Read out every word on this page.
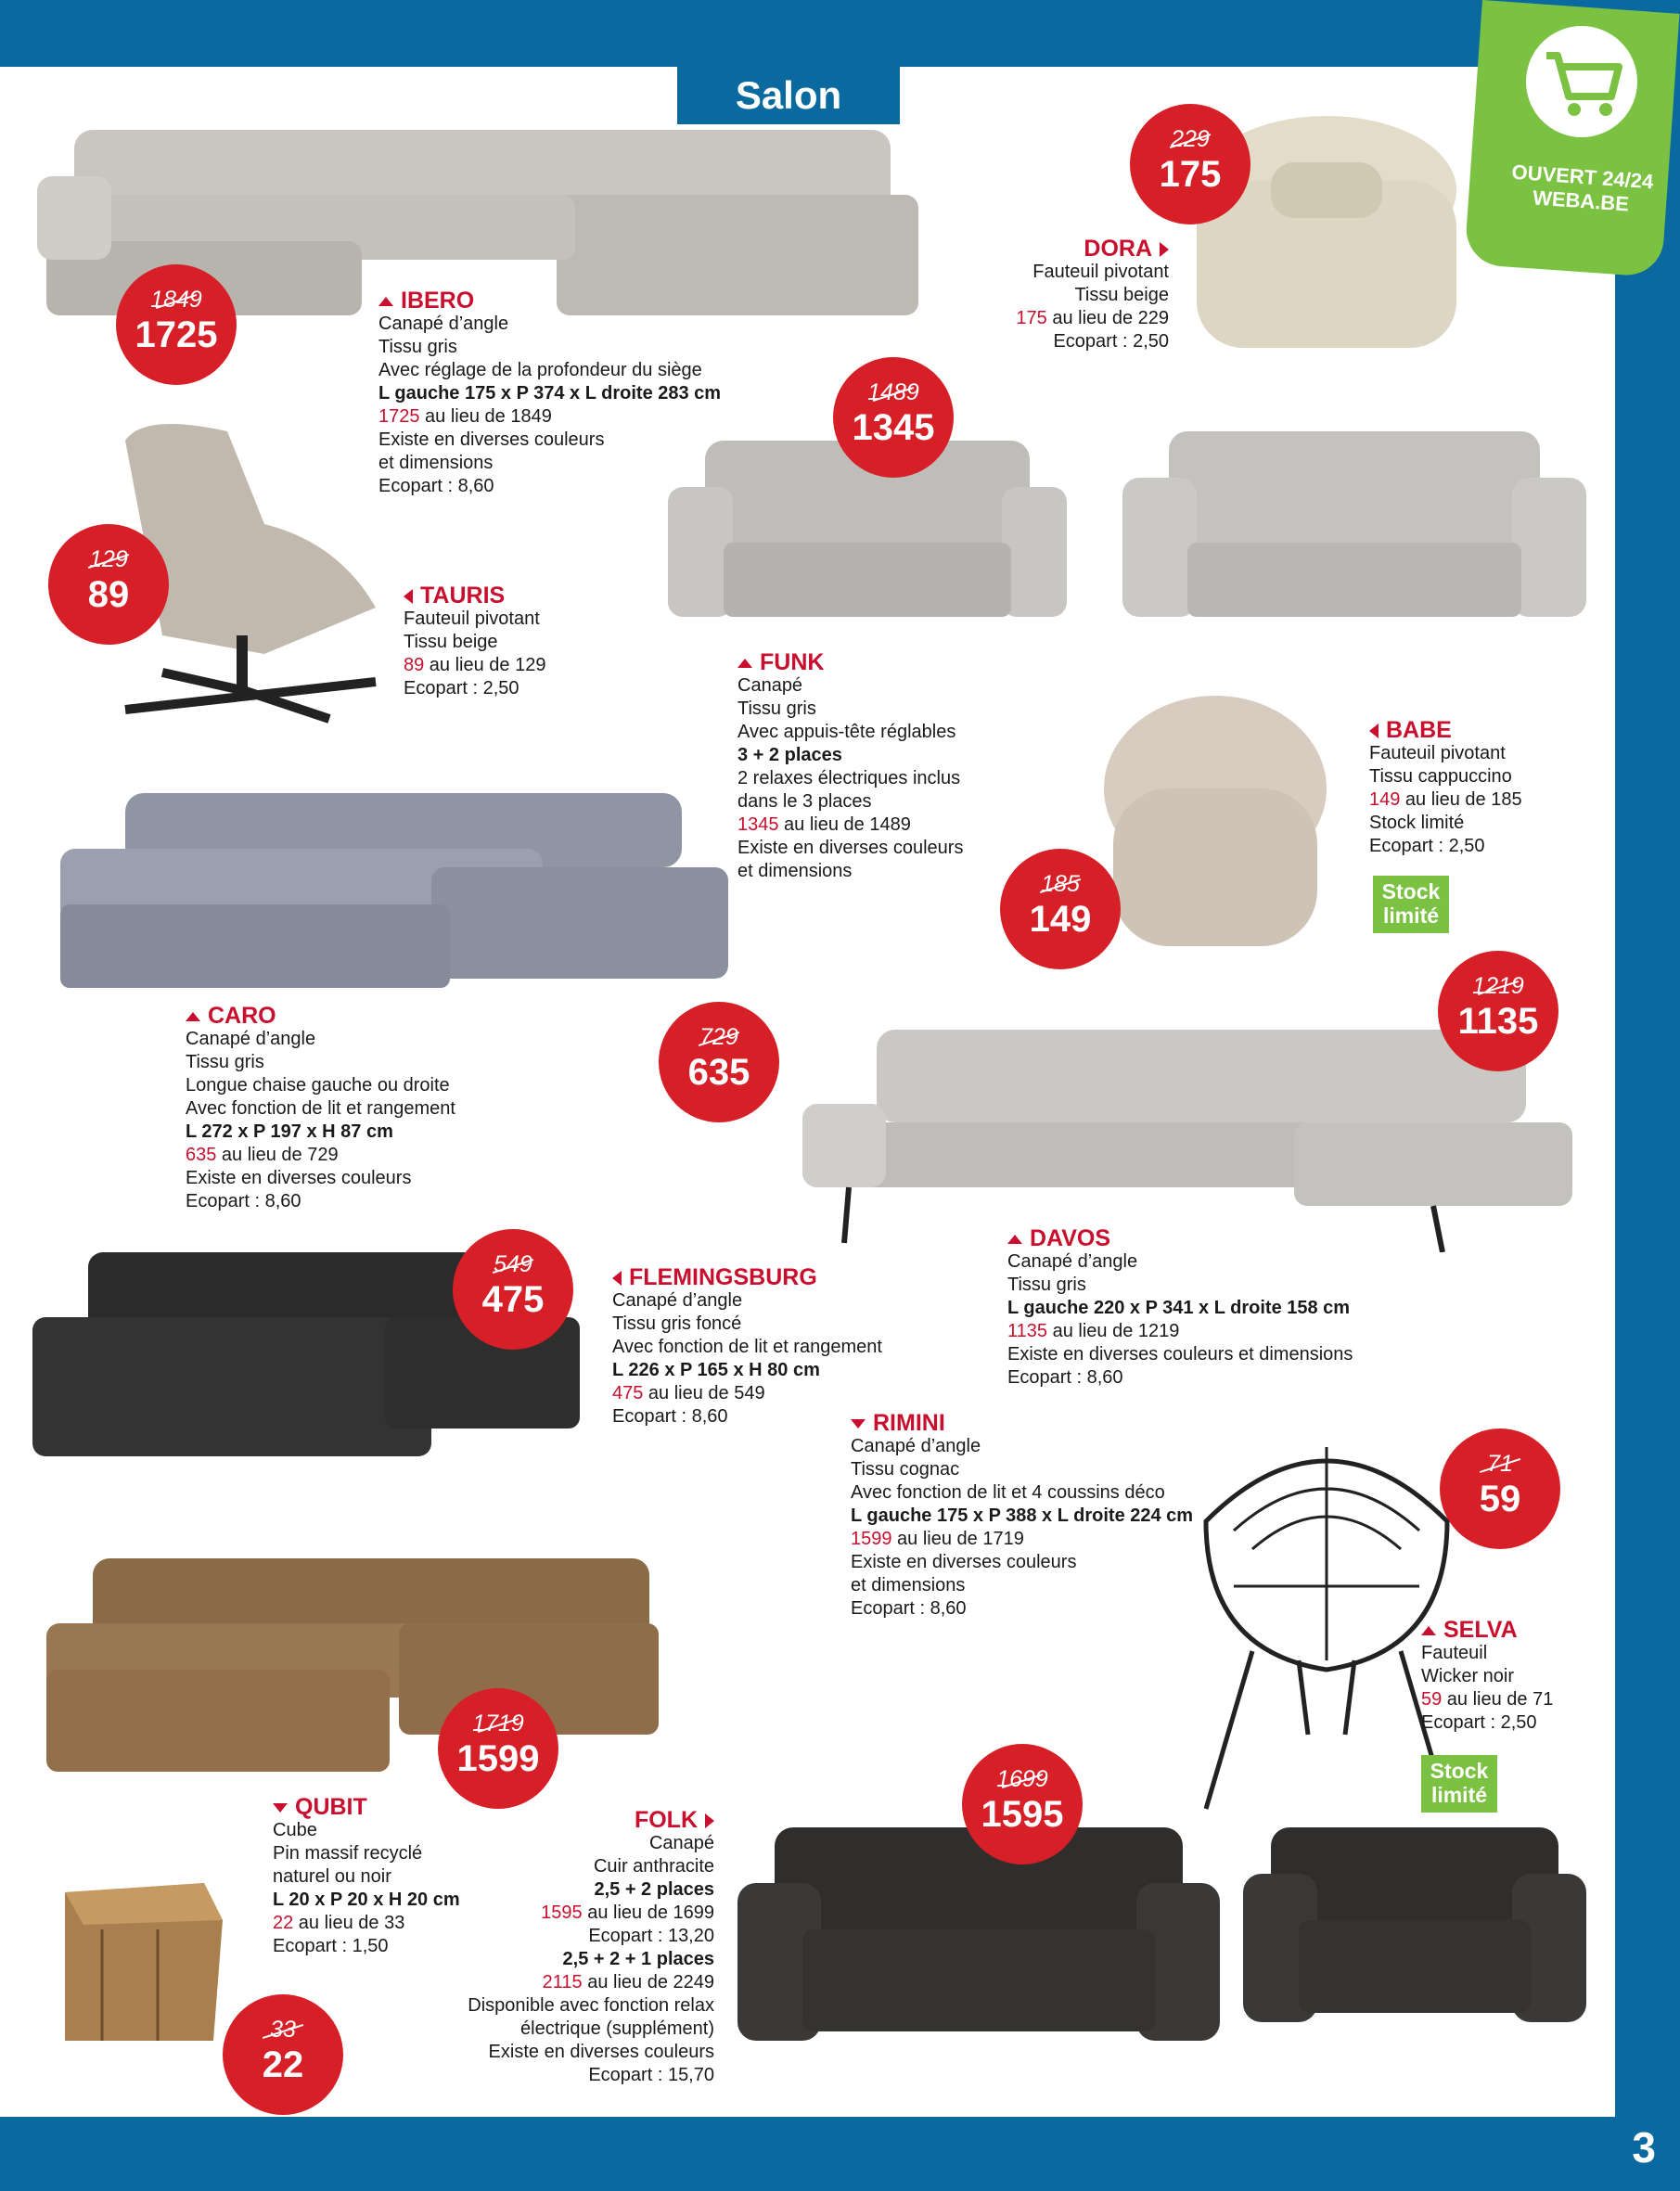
Salon
OUVERT 24/24
WEBA.BE
229
175
1849
1725
1489
1345
129
89
185
149
1219
1135
729
635
549
475
71
59
1719
1599	1699
1595
33
22
IBERO
Canapé d’angle
Tissu gris
Avec réglage de la profondeur du siège
L gauche 175 x P 374 x L droite 283 cm
1725 au lieu de 1849
Existe en diverses couleurs
et dimensions
Ecopart : 8,60
DORA
Fauteuil pivotant
Tissu beige
175 au lieu de 229
Ecopart : 2,50
TAURIS
Fauteuil pivotant
Tissu beige
89 au lieu de 129
Ecopart : 2,50
FUNK
Canapé
Tissu gris
Avec appuis-tête réglables
3 + 2 places
2 relaxes électriques inclus
dans le 3 places
1345 au lieu de 1489
Existe en diverses couleurs
et dimensions
BABE
Fauteuil pivotant
Tissu cappuccino
149 au lieu de 185
Stock limité
Ecopart : 2,50
Stock limité
CARO
Canapé d’angle
Tissu gris
Longue chaise gauche ou droite
Avec fonction de lit et rangement
L 272 x P 197 x H 87 cm
635 au lieu de 729
Existe en diverses couleurs
Ecopart : 8,60
DAVOS
Canapé d’angle
Tissu gris
L gauche 220 x P 341 x L droite 158 cm
1135 au lieu de 1219
Existe en diverses couleurs et dimensions
Ecopart : 8,60
FLEMINGSBURG
Canapé d’angle
Tissu gris foncé
Avec fonction de lit et rangement
L 226 x P 165 x H 80 cm
475 au lieu de 549
Ecopart : 8,60	RIMINI
Canapé d’angle
Tissu cognac
Avec fonction de lit et 4 coussins déco
L gauche 175 x P 388 x L droite 224 cm
1599 au lieu de 1719
Existe en diverses couleurs
et dimensions
Ecopart : 8,60
SELVA
Fauteuil
Wicker noir
59 au lieu de 71
Ecopart : 2,50
Stock limité
QUBIT
Cube
Pin massif recyclé
naturel ou noir
L 20 x P 20 x H 20 cm
22 au lieu de 33
Ecopart : 1,50
FOLK
Canapé
Cuir anthracite
2,5 + 2 places
1595 au lieu de 1699
Ecopart : 13,20
2,5 + 2 + 1 places
2115 au lieu de 2249
Disponible avec fonction relax
électrique (supplément)
Existe en diverses couleurs
Ecopart : 15,70
3
